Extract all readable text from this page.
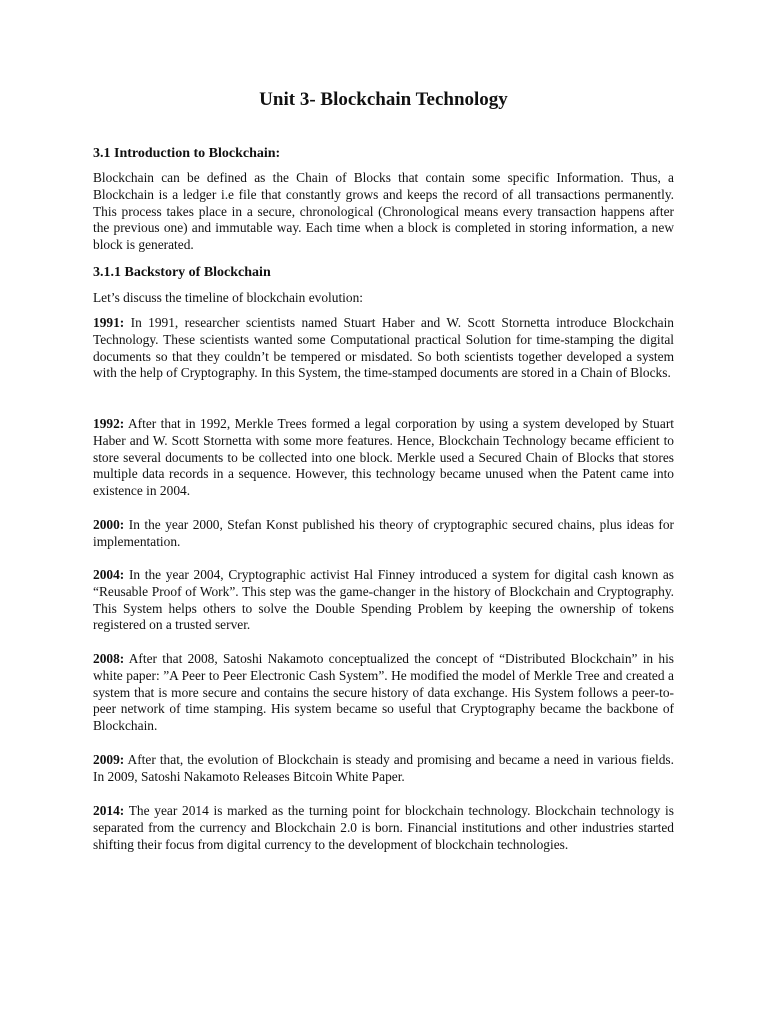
Unit 3- Blockchain Technology
3.1 Introduction to Blockchain:

Blockchain can be defined as the Chain of Blocks that contain some specific Information. Thus, a Blockchain is a ledger i.e file that constantly grows and keeps the record of all transactions permanently. This process takes place in a secure, chronological (Chronological means every transaction happens after the previous one) and immutable way. Each time when a block is completed in storing information, a new block is generated.

3.1.1 Backstory of Blockchain

Let’s discuss the timeline of blockchain evolution:

1991: In 1991, researcher scientists named Stuart Haber and W. Scott Stornetta introduce Blockchain Technology. These scientists wanted some Computational practical Solution for time-stamping the digital documents so that they couldn’t be tempered or misdated. So both scientists together developed a system with the help of Cryptography. In this System, the time-stamped documents are stored in a Chain of Blocks.

1992: After that in 1992, Merkle Trees formed a legal corporation by using a system developed by Stuart Haber and W. Scott Stornetta with some more features. Hence, Blockchain Technology became efficient to store several documents to be collected into one block. Merkle used a Secured Chain of Blocks that stores multiple data records in a sequence. However, this technology became unused when the Patent came into existence in 2004.

2000: In the year 2000, Stefan Konst published his theory of cryptographic secured chains, plus ideas for implementation.

2004: In the year 2004, Cryptographic activist Hal Finney introduced a system for digital cash known as “Reusable Proof of Work”. This step was the game-changer in the history of Blockchain and Cryptography. This System helps others to solve the Double Spending Problem by keeping the ownership of tokens registered on a trusted server.

2008: After that 2008, Satoshi Nakamoto conceptualized the concept of “Distributed Blockchain” in his white paper: ”A Peer to Peer Electronic Cash System”. He modified the model of Merkle Tree and created a system that is more secure and contains the secure history of data exchange. His System follows a peer-to-peer network of time stamping. His system became so useful that Cryptography became the backbone of Blockchain.

2009: After that, the evolution of Blockchain is steady and promising and became a need in various fields. In 2009, Satoshi Nakamoto Releases Bitcoin White Paper.

2014: The year 2014 is marked as the turning point for blockchain technology. Blockchain technology is separated from the currency and Blockchain 2.0 is born. Financial institutions and other industries started shifting their focus from digital currency to the development of blockchain technologies.
